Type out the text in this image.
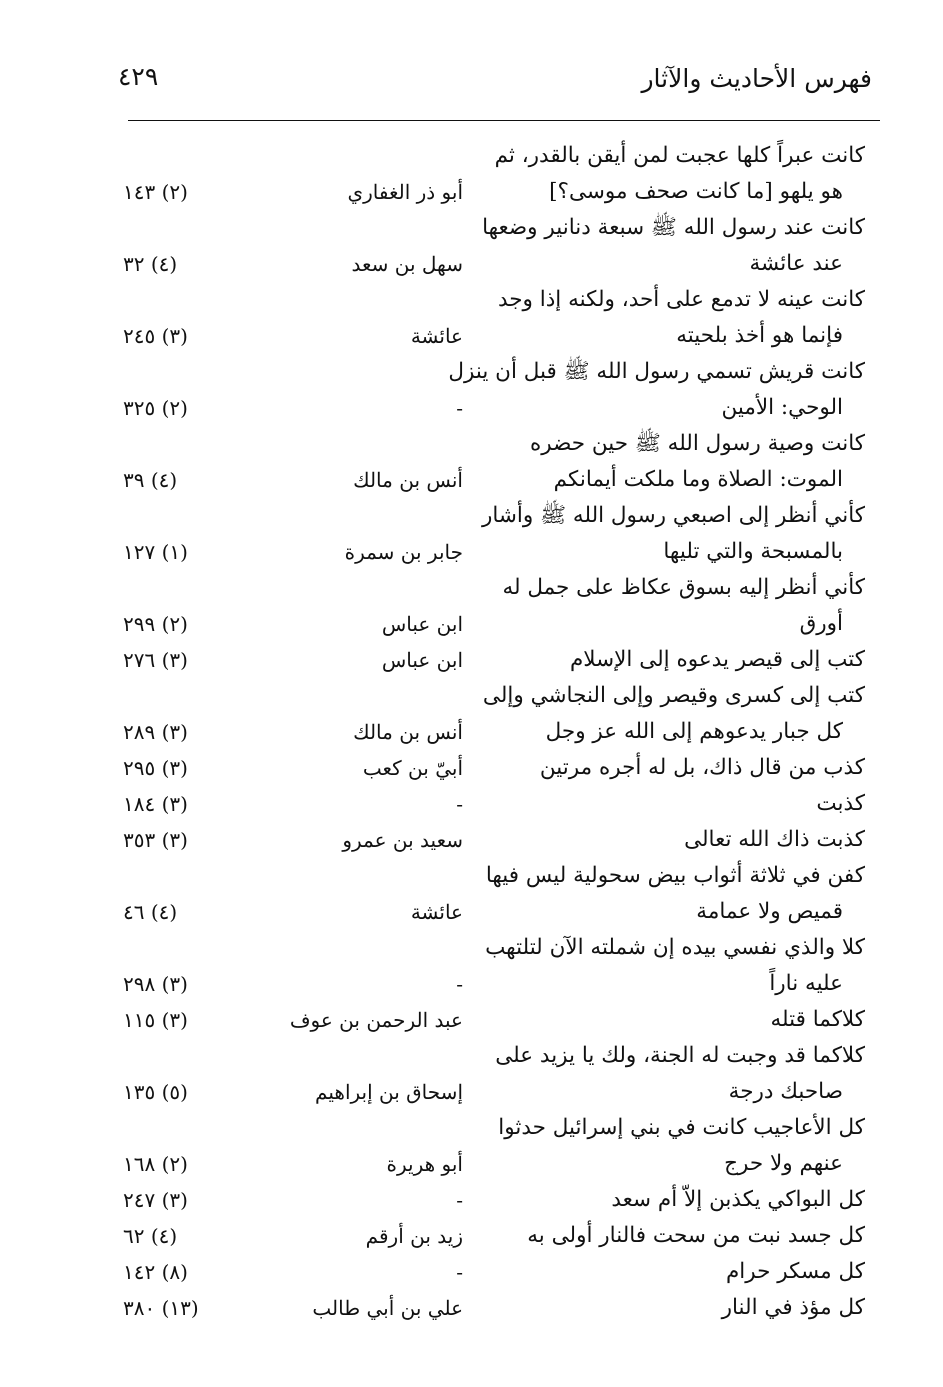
فهرس الأحاديث والآثار
٤٢٩
كانت عبراً كلها عجبت لمن أيقن بالقدر، ثم
هو يلهو [ما كانت صحف موسى؟]
أبو ذر الغفاري
(٢) ١٤٣
كانت عند رسول الله ﷺ سبعة دنانير وضعها
عند عائشة
سهل بن سعد
(٤) ٣٢
كانت عينه لا تدمع على أحد، ولكنه إذا وجد
فإنما هو أخذ بلحيته
عائشة
(٣) ٢٤٥
كانت قريش تسمي رسول الله ﷺ قبل أن ينزل
الوحي: الأمين
-
(٢) ٣٢٥
كانت وصية رسول الله ﷺ حين حضره
الموت: الصلاة وما ملكت أيمانكم
أنس بن مالك
(٤) ٣٩
كأني أنظر إلى اصبعي رسول الله ﷺ وأشار
بالمسبحة والتي تليها
جابر بن سمرة
(١) ١٢٧
كأني أنظر إليه بسوق عكاظ على جمل له
أورق
ابن عباس
(٢) ٢٩٩
كتب إلى قيصر يدعوه إلى الإسلام
ابن عباس
(٣) ٢٧٦
كتب إلى كسرى وقيصر وإلى النجاشي وإلى
كل جبار يدعوهم إلى الله عز وجل
أنس بن مالك
(٣) ٢٨٩
كذب من قال ذاك، بل له أجره مرتين
أبيّ بن كعب
(٣) ٢٩٥
كذبت
-
(٣) ١٨٤
كذبت ذاك الله تعالى
سعيد بن عمرو
(٣) ٣٥٣
كفن في ثلاثة أثواب بيض سحولية ليس فيها
قميص ولا عمامة
عائشة
(٤) ٤٦
كلا والذي نفسي بيده إن شملته الآن لتلتهب
عليه ناراً
-
(٣) ٢٩٨
كلاكما قتله
عبد الرحمن بن عوف
(٣) ١١٥
كلاكما قد وجبت له الجنة، ولك يا يزيد على
صاحبك درجة
إسحاق بن إبراهيم
(٥) ١٣٥
كل الأعاجيب كانت في بني إسرائيل حدثوا
عنهم ولا حرج
أبو هريرة
(٢) ١٦٨
كل البواكي يكذبن إلاّ أم سعد
-
(٣) ٢٤٧
كل جسد نبت من سحت فالنار أولى به
زيد بن أرقم
(٤) ٦٢
كل مسكر حرام
-
(٨) ١٤٢
كل مؤذ في النار
علي بن أبي طالب
(١٣) ٣٨٠
